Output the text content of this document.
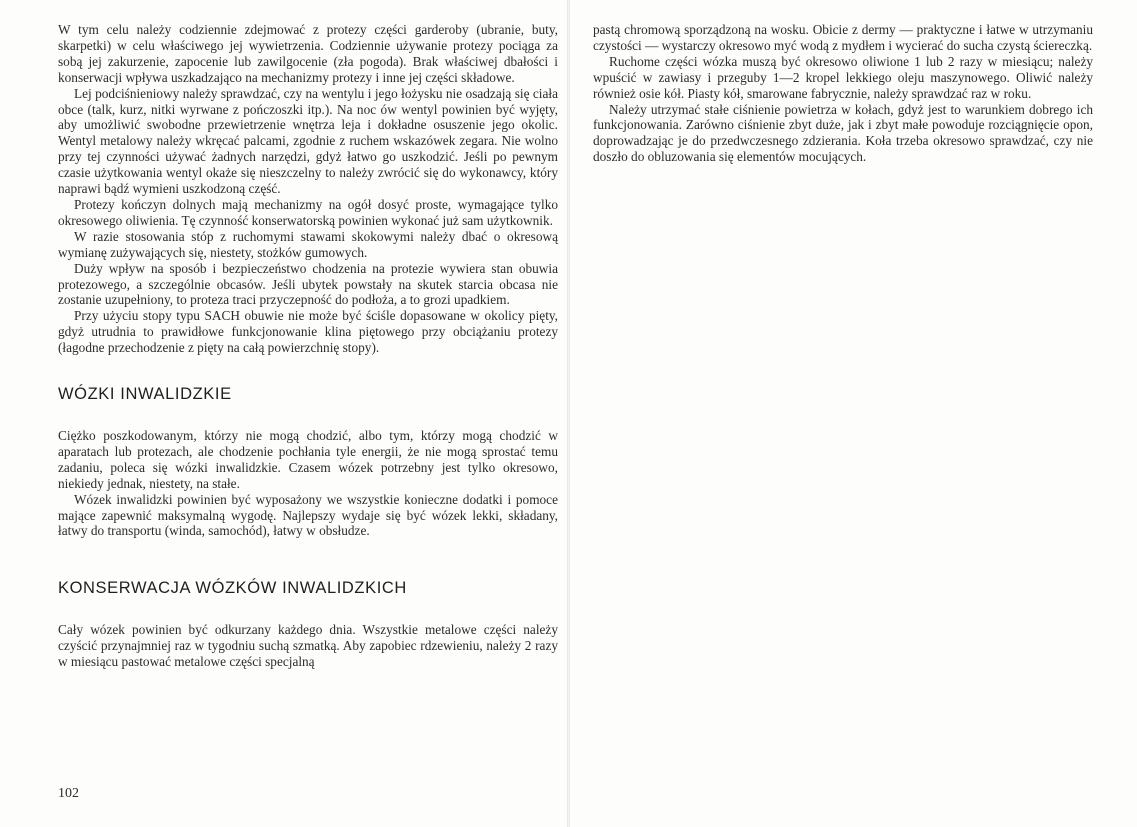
W tym celu należy codziennie zdejmować z protezy części garderoby (ubranie, buty, skarpetki) w celu właściwego jej wywietrzenia. Codziennie używanie protezy pociąga za sobą jej zakurzenie, zapocenie lub zawilgocenie (zła pogoda). Brak właściwej dbałości i konserwacji wpływa uszkadzająco na mechanizmy protezy i inne jej części składowe.

Lej podciśnieniowy należy sprawdzać, czy na wentylu i jego łożysku nie osadzają się ciała obce (talk, kurz, nitki wyrwane z pończoszki itp.). Na noc ów wentyl powinien być wyjęty, aby umożliwić swobodne przewietrzenie wnętrza leja i dokładne osuszenie jego okolic. Wentyl metalowy należy wkręcać palcami, zgodnie z ruchem wskazówek zegara. Nie wolno przy tej czynności używać żadnych narzędzi, gdyż łatwo go uszkodzić. Jeśli po pewnym czasie użytkowania wentyl okaże się nieszczelny to należy zwrócić się do wykonawcy, który naprawi bądź wymieni uszkodzoną część.

Protezy kończyn dolnych mają mechanizmy na ogół dosyć proste, wymagające tylko okresowego oliwienia. Tę czynność konserwatorską powinien wykonać już sam użytkownik.

W razie stosowania stóp z ruchomymi stawami skokowymi należy dbać o okresową wymianę zużywających się, niestety, stożków gumowych.

Duży wpływ na sposób i bezpieczeństwo chodzenia na protezie wywiera stan obuwia protezowego, a szczególnie obcasów. Jeśli ubytek powstały na skutek starcia obcasa nie zostanie uzupełniony, to proteza traci przyczepność do podłoża, a to grozi upadkiem.

Przy użyciu stopy typu SACH obuwie nie może być ściśle dopasowane w okolicy pięty, gdyż utrudnia to prawidłowe funkcjonowanie klina piętowego przy obciążaniu protezy (łagodne przechodzenie z pięty na całą powierzchnię stopy).

WÓZKI INWALIDZKIE

Ciężko poszkodowanym, którzy nie mogą chodzić, albo tym, którzy mogą chodzić w aparatach lub protezach, ale chodzenie pochłania tyle energii, że nie mogą sprostać temu zadaniu, poleca się wózki inwalidzkie. Czasem wózek potrzebny jest tylko okresowo, niekiedy jednak, niestety, na stałe.

Wózek inwalidzki powinien być wyposażony we wszystkie konieczne dodatki i pomoce mające zapewnić maksymalną wygodę. Najlepszy wydaje się być wózek lekki, składany, łatwy do transportu (winda, samochód), łatwy w obsłudze.

KONSERWACJA WÓZKÓW INWALIDZKICH

Cały wózek powinien być odkurzany każdego dnia. Wszystkie metalowe części należy czyścić przynajmniej raz w tygodniu suchą szmatką. Aby zapobiec rdzewieniu, należy 2 razy w miesiącu pastować metalowe części specjalną

102

pastą chromową sporządzoną na wosku. Obicie z dermy — praktyczne i łatwe w utrzymaniu czystości — wystarczy okresowo myć wodą z mydłem i wycierać do sucha czystą ściereczką.

Ruchome części wózka muszą być okresowo oliwione 1 lub 2 razy w miesiącu; należy wpuścić w zawiasy i przeguby 1—2 kropel lekkiego oleju maszynowego. Oliwić należy również osie kół. Piasty kół, smarowane fabrycznie, należy sprawdzać raz w roku.

Należy utrzymać stałe ciśnienie powietrza w kołach, gdyż jest to warunkiem dobrego ich funkcjonowania. Zarówno ciśnienie zbyt duże, jak i zbyt małe powoduje rozciągnięcie opon, doprowadzając je do przedwczesnego zdzierania. Koła trzeba okresowo sprawdzać, czy nie doszło do obluzowania się elementów mocujących.
